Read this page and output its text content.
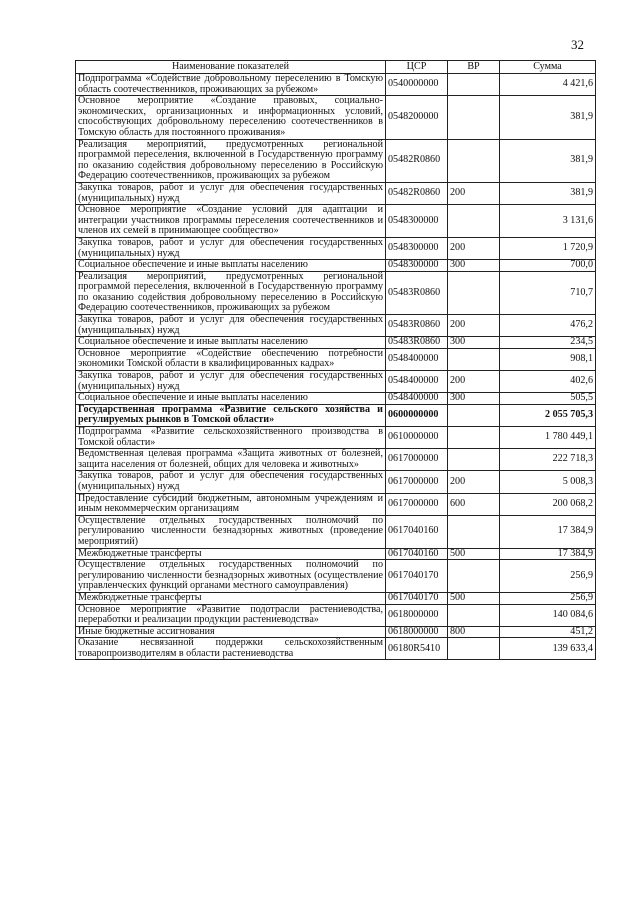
32
Наименование показателей	ЦСР	ВР	Сумма
Подпрограмма «Содействие добровольному переселению в Томскую область соотечественников, проживающих за рубежом»	0540000000		4 421,6
Основное мероприятие «Создание правовых, социально-экономических, организационных и информационных условий, способствующих добровольному переселению соотечественников в Томскую область для постоянного проживания»	0548200000		381,9
Реализация мероприятий, предусмотренных региональной программой переселения, включенной в Государственную программу по оказанию содействия добровольному переселению в Российскую Федерацию соотечественников, проживающих за рубежом	05482R0860		381,9
Закупка товаров, работ и услуг для обеспечения государственных (муниципальных) нужд	05482R0860	200	381,9
Основное мероприятие «Создание условий для адаптации и интеграции участников программы переселения соотечественников и членов их семей в принимающее сообщество»	0548300000		3 131,6
Закупка товаров, работ и услуг для обеспечения государственных (муниципальных) нужд	0548300000	200	1 720,9
Социальное обеспечение и иные выплаты населению	0548300000	300	700,0
Реализация мероприятий, предусмотренных региональной программой переселения, включенной в Государственную программу по оказанию содействия добровольному переселению в Российскую Федерацию соотечественников, проживающих за рубежом	05483R0860		710,7
Закупка товаров, работ и услуг для обеспечения государственных (муниципальных) нужд	05483R0860	200	476,2
Социальное обеспечение и иные выплаты населению	05483R0860	300	234,5
Основное мероприятие «Содействие обеспечению потребности экономики Томской области в квалифицированных кадрах»	0548400000		908,1
Закупка товаров, работ и услуг для обеспечения государственных (муниципальных) нужд	0548400000	200	402,6
Социальное обеспечение и иные выплаты населению	0548400000	300	505,5
Государственная программа «Развитие сельского хозяйства и регулируемых рынков в Томской области»	0600000000		2 055 705,3
Подпрограмма «Развитие сельскохозяйственного производства в Томской области»	0610000000		1 780 449,1
Ведомственная целевая программа «Защита животных от болезней, защита населения от болезней, общих для человека и животных»	0617000000		222 718,3
Закупка товаров, работ и услуг для обеспечения государственных (муниципальных) нужд	0617000000	200	5 008,3
Предоставление субсидий бюджетным, автономным учреждениям и иным некоммерческим организациям	0617000000	600	200 068,2
Осуществление отдельных государственных полномочий по регулированию численности безнадзорных животных (проведение мероприятий)	0617040160		17 384,9
Межбюджетные трансферты	0617040160	500	17 384,9
Осуществление отдельных государственных полномочий по регулированию численности безнадзорных животных (осуществление управленческих функций органами местного самоуправления)	0617040170		256,9
Межбюджетные трансферты	0617040170	500	256,9
Основное мероприятие «Развитие подотрасли растениеводства, переработки и реализации продукции растениеводства»	0618000000		140 084,6
Иные бюджетные ассигнования	0618000000	800	451,2
Оказание несвязанной поддержки сельскохозяйственным товаропроизводителям в области растениеводства	06180R5410		139 633,4
